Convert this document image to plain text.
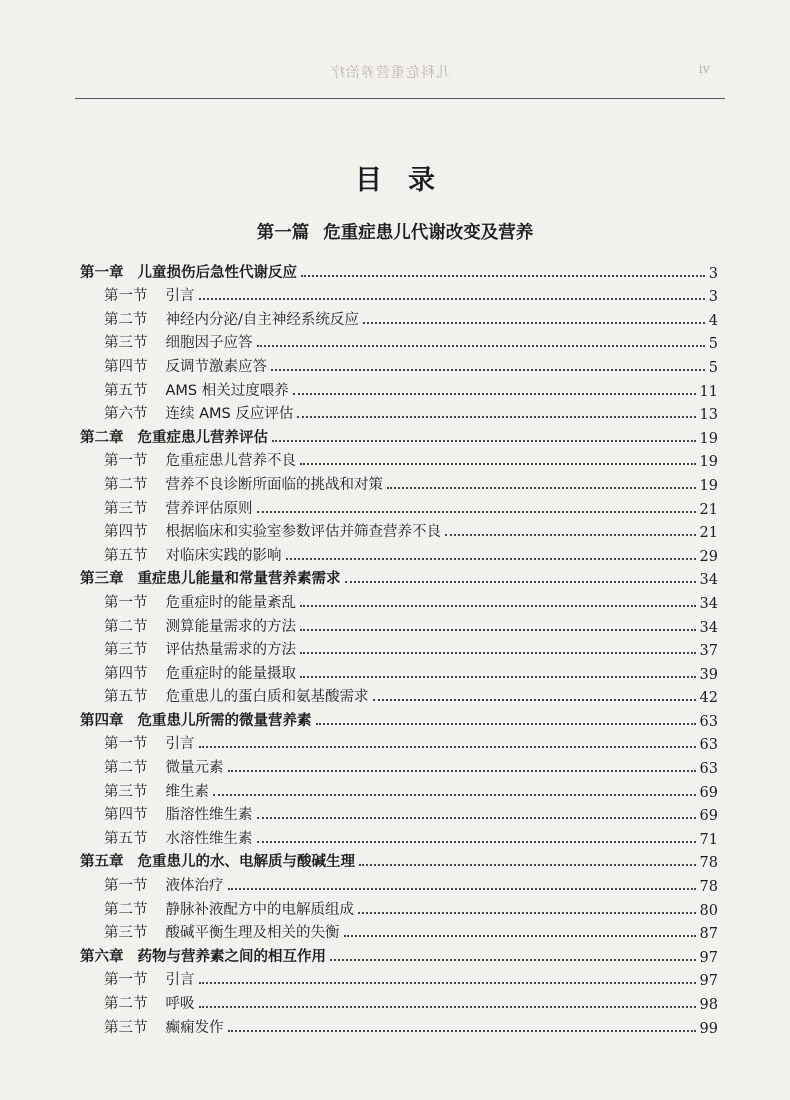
儿科危重营养治疗	iv
目录
第一篇 危重症患儿代谢改变及营养
第一章 儿童损伤后急性代谢反应	3
第一节 引言	3
第二节 神经内分泌/自主神经系统反应	4
第三节 细胞因子应答	5
第四节 反调节激素应答	5
第五节 AMS 相关过度喂养	11
第六节 连续 AMS 反应评估	13
第二章 危重症患儿营养评估	19
第一节 危重症患儿营养不良	19
第二节 营养不良诊断所面临的挑战和对策	19
第三节 营养评估原则	21
第四节 根据临床和实验室参数评估并筛查营养不良	21
第五节 对临床实践的影响	29
第三章 重症患儿能量和常量营养素需求	34
第一节 危重症时的能量紊乱	34
第二节 测算能量需求的方法	34
第三节 评估热量需求的方法	37
第四节 危重症时的能量摄取	39
第五节 危重患儿的蛋白质和氨基酸需求	42
第四章 危重患儿所需的微量营养素	63
第一节 引言	63
第二节 微量元素	63
第三节 维生素	69
第四节 脂溶性维生素	69
第五节 水溶性维生素	71
第五章 危重患儿的水、电解质与酸碱生理	78
第一节 液体治疗	78
第二节 静脉补液配方中的电解质组成	80
第三节 酸碱平衡生理及相关的失衡	87
第六章 药物与营养素之间的相互作用	97
第一节 引言	97
第二节 呼吸	98
第三节 癫痫发作	99
